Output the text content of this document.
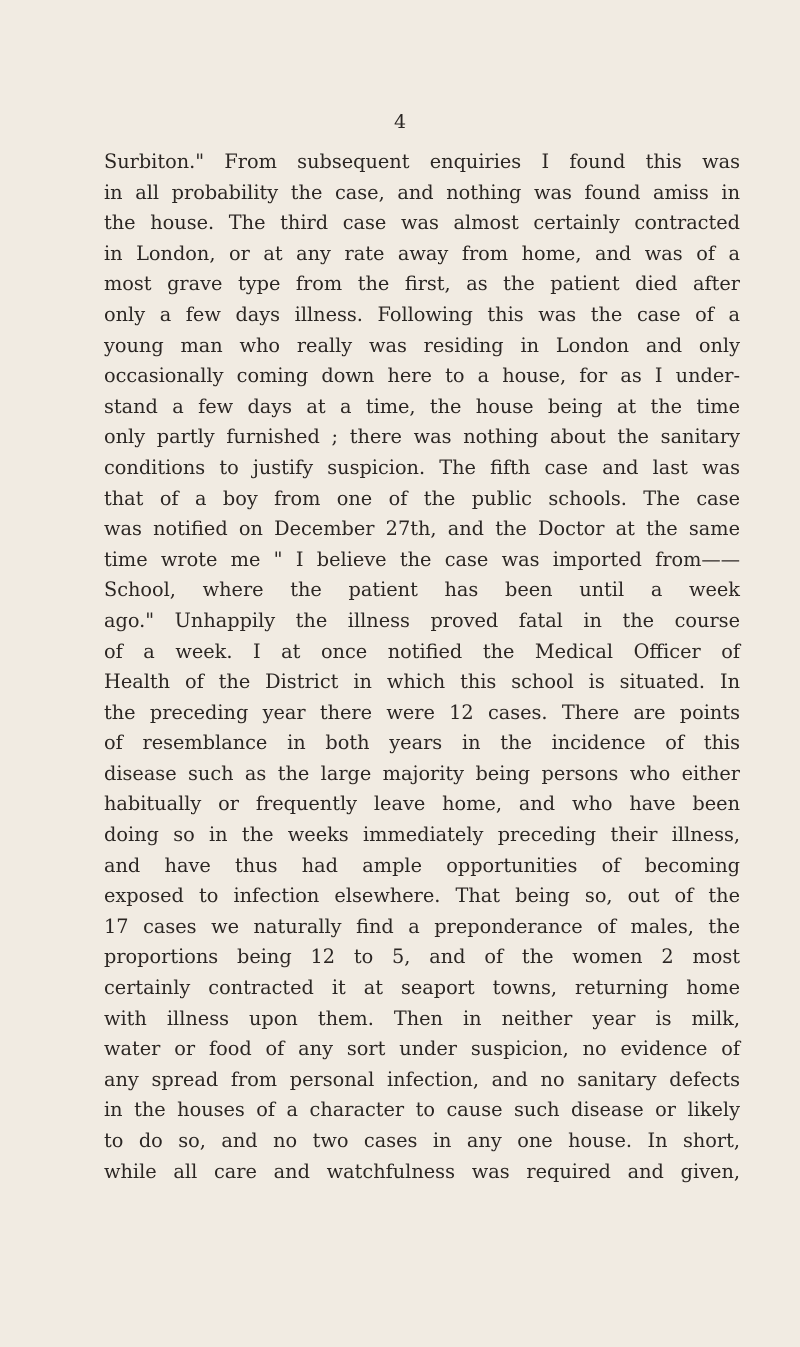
4
Surbiton." From subsequent enquiries I found this was
in all probability the case, and nothing was found amiss in
the house. The third case was almost certainly contracted
in London, or at any rate away from home, and was of a
most grave type from the first, as the patient died after
only a few days illness. Following this was the case of a
young man who really was residing in London and only
occasionally coming down here to a house, for as I under-
stand a few days at a time, the house being at the time
only partly furnished ; there was nothing about the sanitary
conditions to justify suspicion. The fifth case and last was
that of a boy from one of the public schools. The case
was notified on December 27th, and the Doctor at the same
time wrote me " I believe the case was imported from——
School, where the patient has been until a week
ago." Unhappily the illness proved fatal in the course
of a week. I at once notified the Medical Officer of
Health of the District in which this school is situated. In
the preceding year there were 12 cases. There are points
of resemblance in both years in the incidence of this
disease such as the large majority being persons who either
habitually or frequently leave home, and who have been
doing so in the weeks immediately preceding their illness,
and have thus had ample opportunities of becoming
exposed to infection elsewhere. That being so, out of the
17 cases we naturally find a preponderance of males, the
proportions being 12 to 5, and of the women 2 most
certainly contracted it at seaport towns, returning home
with illness upon them. Then in neither year is milk,
water or food of any sort under suspicion, no evidence of
any spread from personal infection, and no sanitary defects
in the houses of a character to cause such disease or likely
to do so, and no two cases in any one house. In short,
while all care and watchfulness was required and given,
